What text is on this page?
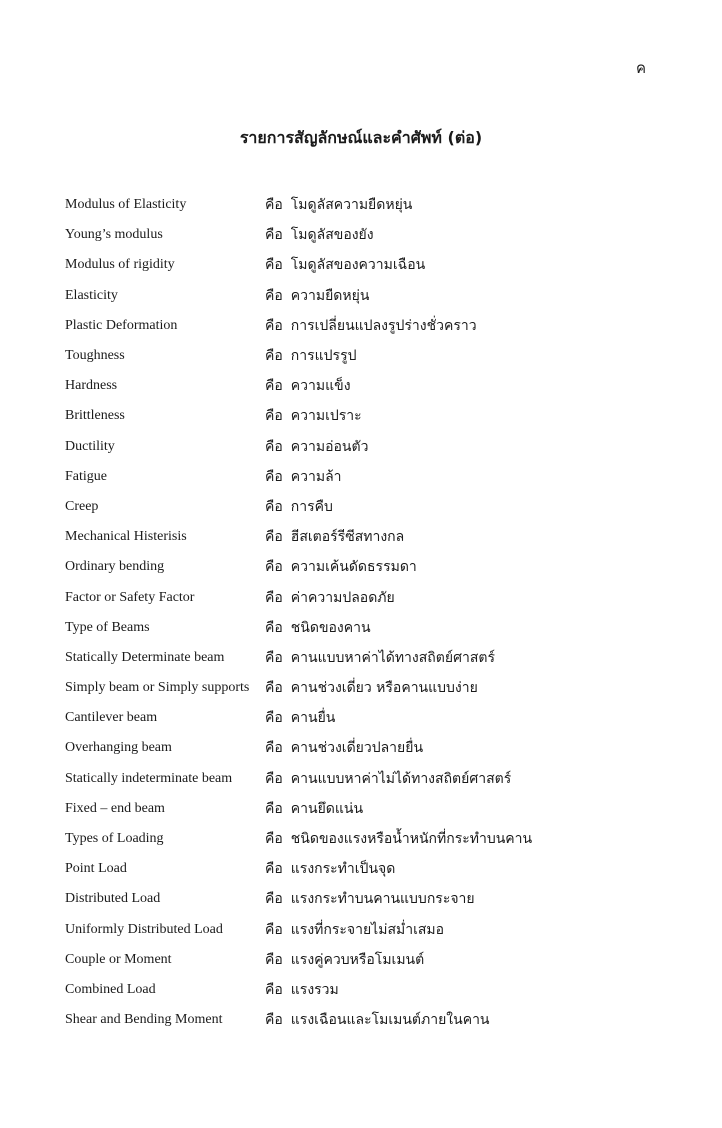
ค
รายการสัญลักษณ์และคำศัพท์ (ต่อ)
Modulus of Elasticity	คือ โมดูลัสความยืดหยุ่น
Young’s modulus	คือ โมดูลัสของยัง
Modulus of rigidity	คือ โมดูลัสของความเฉือน
Elasticity	คือ ความยืดหยุ่น
Plastic Deformation	คือ การเปลี่ยนแปลงรูปร่างชั่วคราว
Toughness	คือ การแปรรูป
Hardness	คือ ความแข็ง
Brittleness	คือ ความเปราะ
Ductility	คือ ความอ่อนตัว
Fatigue	คือ ความล้า
Creep	คือ การคืบ
Mechanical Histerisis	คือ ฮีสเตอร์รีซีสทางกล
Ordinary bending	คือ ความเค้นดัดธรรมดา
Factor or Safety Factor	คือ ค่าความปลอดภัย
Type of Beams	คือ ชนิดของคาน
Statically Determinate beam	คือ คานแบบหาค่าได้ทางสถิตย์ศาสตร์
Simply beam or Simply supports	คือ คานช่วงเดี่ยว หรือคานแบบง่าย
Cantilever beam	คือ คานยื่น
Overhanging beam	คือ คานช่วงเดี่ยวปลายยื่น
Statically indeterminate beam	คือ คานแบบหาค่าไม่ได้ทางสถิตย์ศาสตร์
Fixed – end beam	คือ คานยึดแน่น
Types of Loading	คือ ชนิดของแรงหรือน้ำหนักที่กระทำบนคาน
Point Load	คือ แรงกระทำเป็นจุด
Distributed Load	คือ แรงกระทำบนคานแบบกระจาย
Uniformly Distributed Load	คือ แรงที่กระจายไม่สม่ำเสมอ
Couple or Moment	คือ แรงคู่ควบหรือโมเมนต์
Combined Load	คือ แรงรวม
Shear and Bending Moment	คือ แรงเฉือนและโมเมนต์ภายในคาน
